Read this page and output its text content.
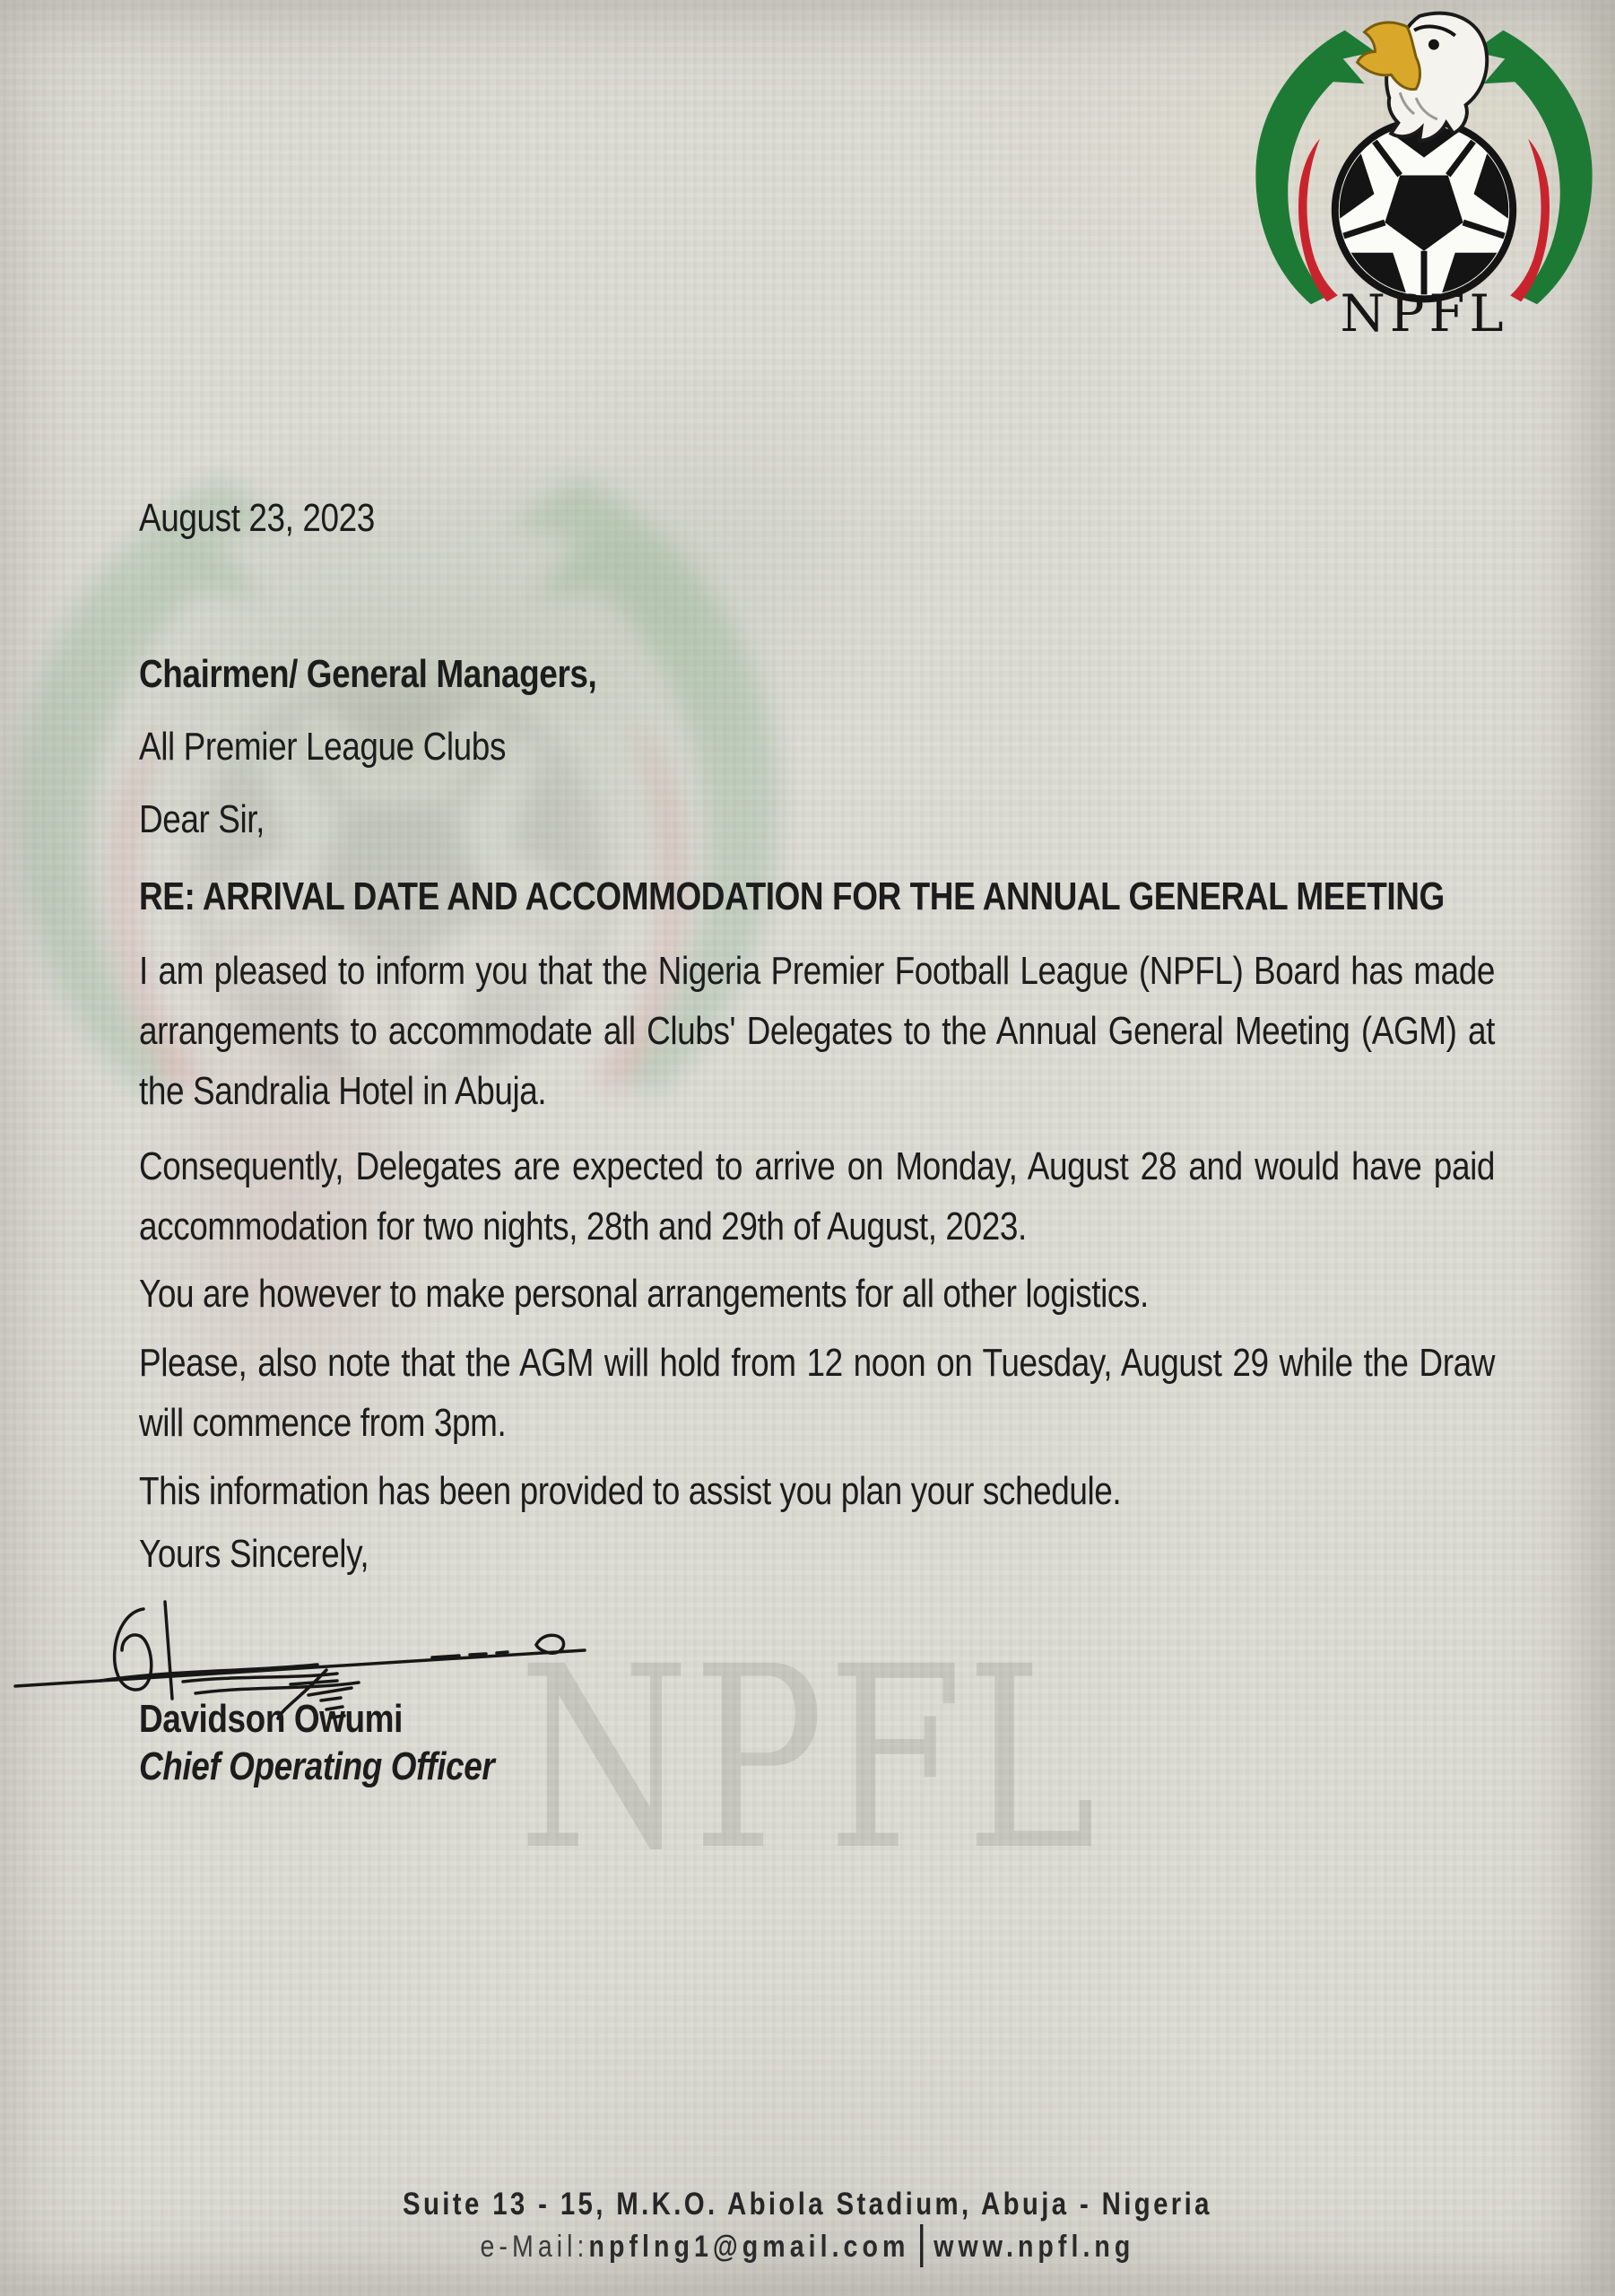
NPFL
NPFL
August 23, 2023
Chairmen/ General Managers,
All Premier League Clubs
Dear Sir,
RE: ARRIVAL DATE AND ACCOMMODATION FOR THE ANNUAL GENERAL MEETING
I am pleased to inform you that the Nigeria Premier Football League (NPFL) Board has made arrangements to accommodate all Clubs' Delegates to the Annual General Meeting (AGM) at the Sandralia Hotel in Abuja.
Consequently, Delegates are expected to arrive on Monday, August 28 and would have paid accommodation for two nights, 28th and 29th of August, 2023.
You are however to make personal arrangements for all other logistics.
Please, also note that the AGM will hold from 12 noon on Tuesday, August 29 while the Draw will commence from 3pm.
This information has been provided to assist you plan your schedule.
Yours Sincerely,
Davidson Owumi
Chief Operating Officer
Suite 13 - 15, M.K.O. Abiola Stadium, Abuja - Nigeria
e-Mail:npflng1@gmail.com www.npfl.ng
